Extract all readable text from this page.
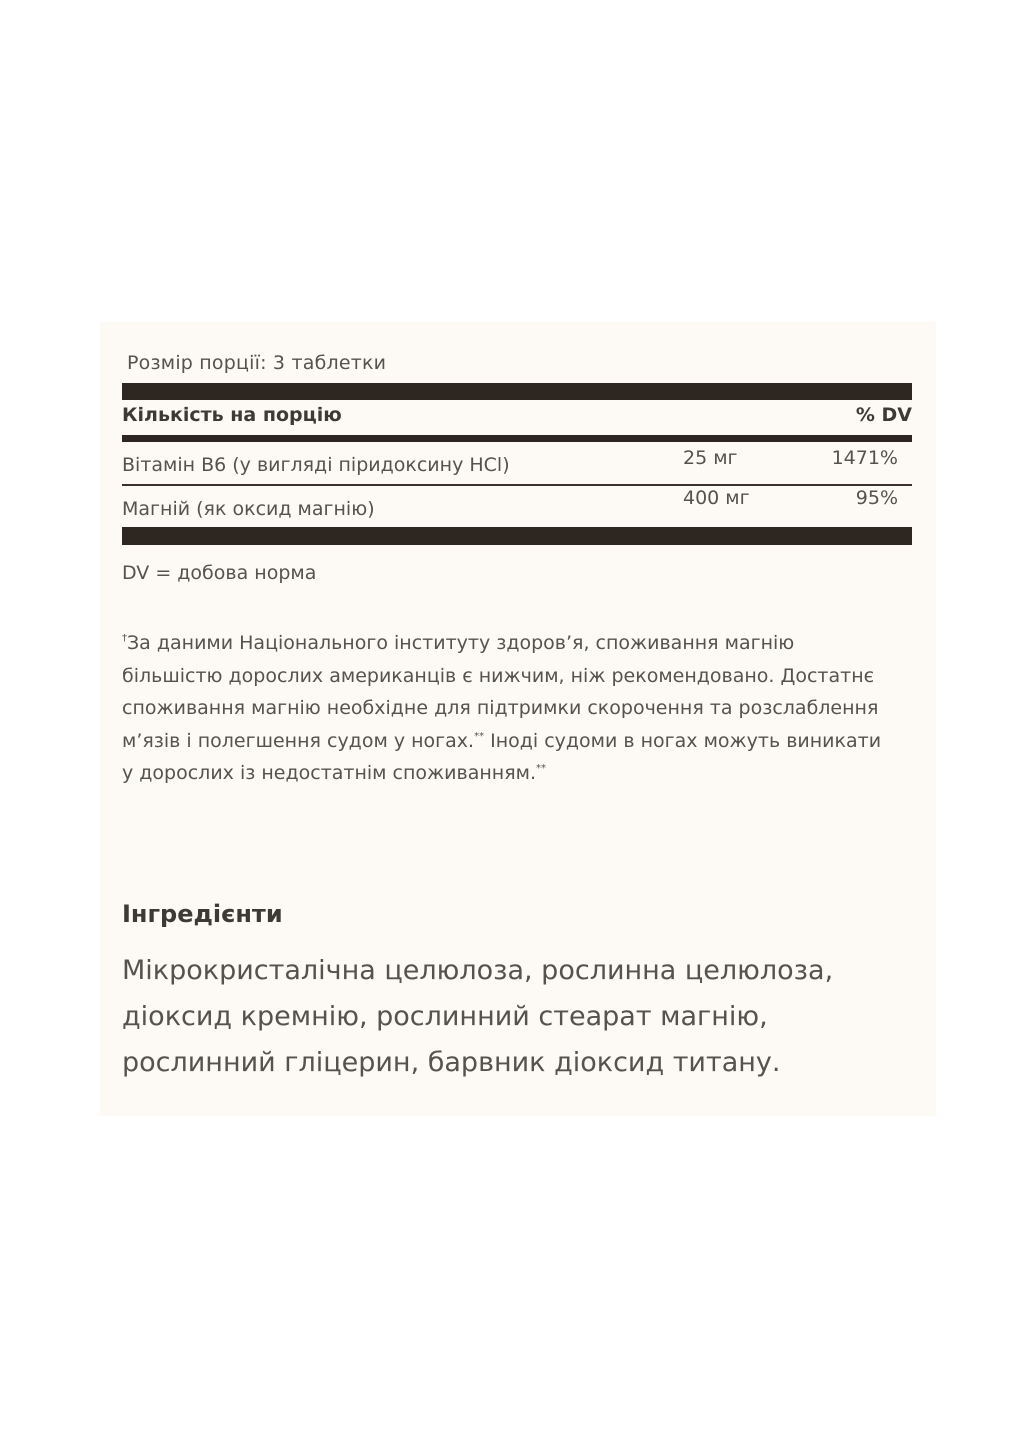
Розмір порції: 3 таблетки
Кількість на порцію	% DV
Вітамін B6 (у вигляді піридоксину HCl)	25 мг	1471%
Магній (як оксид магнію)	400 мг	95%
DV = добова норма
†За даними Національного інституту здоров’я, споживання магнію більшістю дорослих американців є нижчим, ніж рекомендовано. Достатнє споживання магнію необхідне для підтримки скорочення та розслаблення м’язів і полегшення судом у ногах.** Іноді судоми в ногах можуть виникати у дорослих із недостатнім споживанням.**
Інгредієнти
Мікрокристалічна целюлоза, рослинна целюлоза, діоксид кремнію, рослинний стеарат магнію, рослинний гліцерин, барвник діоксид титану.
